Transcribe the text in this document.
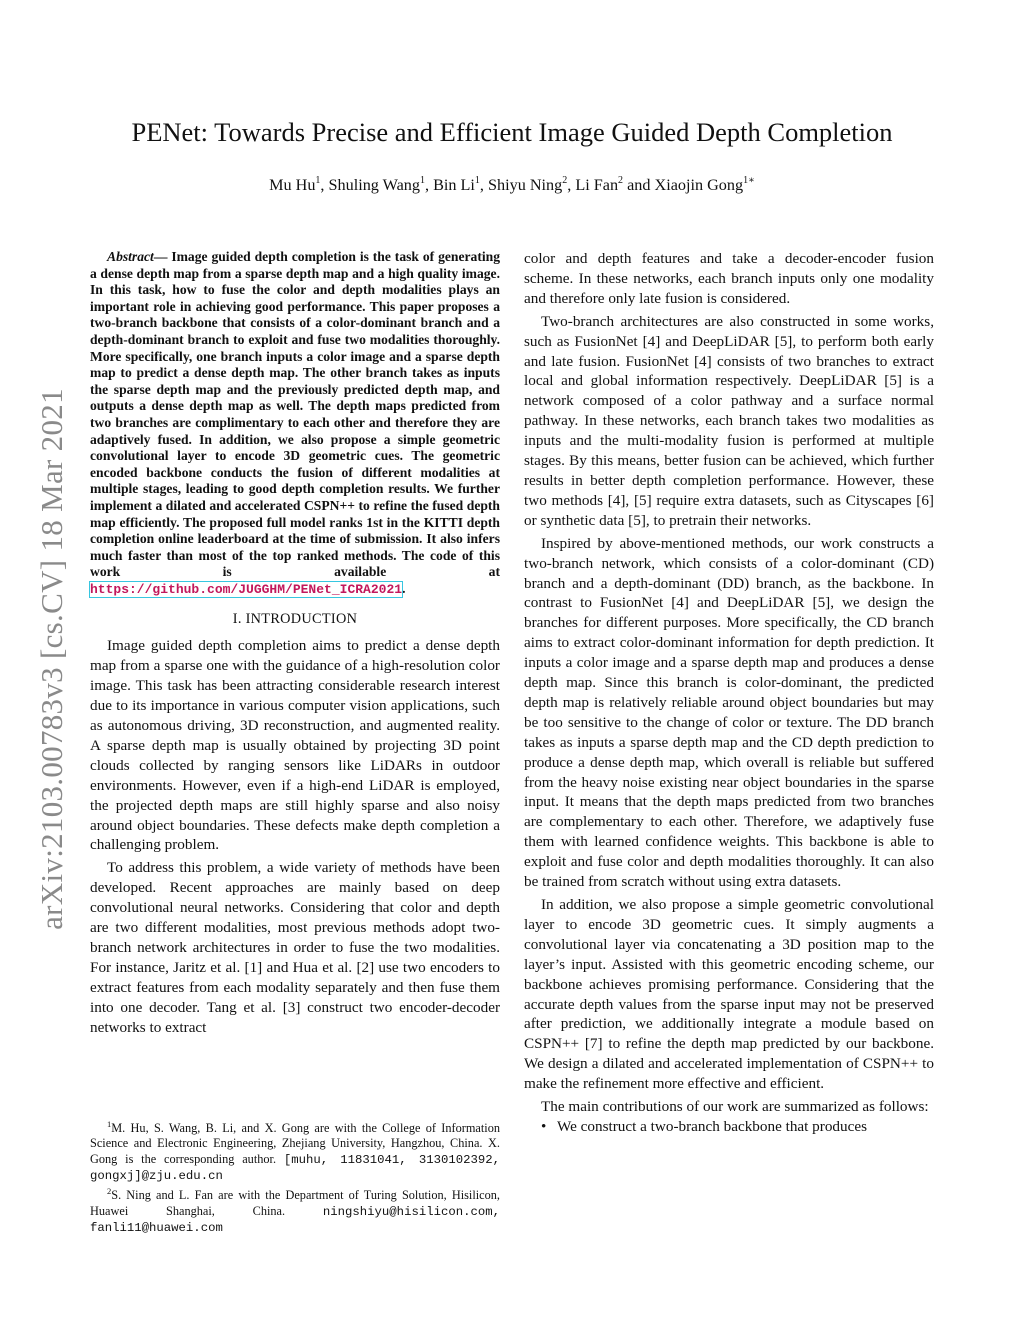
arXiv:2103.00783v3 [cs.CV] 18 Mar 2021
PENet: Towards Precise and Efficient Image Guided Depth Completion
Mu Hu$^1$, Shuling Wang$^1$, Bin Li$^1$, Shiyu Ning$^2$, Li Fan$^2$ and Xiaojin Gong$^{1∗}$

Abstract— Image guided depth completion is the task of generating a dense depth map from a sparse depth map and a high quality image. In this task, how to fuse the color and depth modalities plays an important role in achieving good performance. This paper proposes a two-branch backbone that consists of a color-dominant branch and a depth-dominant branch to exploit and fuse two modalities thoroughly. More specifically, one branch inputs a color image and a sparse depth map to predict a dense depth map. The other branch takes as inputs the sparse depth map and the previously predicted depth map, and outputs a dense depth map as well. The depth maps predicted from two branches are complimentary to each other and therefore they are adaptively fused. In addition, we also propose a simple geometric convolutional layer to encode 3D geometric cues. The geometric encoded backbone conducts the fusion of different modalities at multiple stages, leading to good depth completion results. We further implement a dilated and accelerated CSPN++ to refine the fused depth map efficiently. The proposed full model ranks 1st in the KITTI depth completion online leaderboard at the time of submission. It also infers much faster than most of the top ranked methods. The code of this work is available at https://github.com/JUGGHM/PENet_ICRA2021.

I. INTRODUCTION

Image guided depth completion aims to predict a dense depth map from a sparse one with the guidance of a high-resolution color image. This task has been attracting considerable research interest due to its importance in various computer vision applications, such as autonomous driving, 3D reconstruction, and augmented reality. A sparse depth map is usually obtained by projecting 3D point clouds collected by ranging sensors like LiDARs in outdoor environments. However, even if a high-end LiDAR is employed, the projected depth maps are still highly sparse and also noisy around object boundaries. These defects make depth completion a challenging problem.

To address this problem, a wide variety of methods have been developed. Recent approaches are mainly based on deep convolutional neural networks. Considering that color and depth are two different modalities, most previous methods adopt two-branch network architectures in order to fuse the two modalities. For instance, Jaritz et al. [1] and Hua et al. [2] use two encoders to extract features from each modality separately and then fuse them into one decoder. Tang et al. [3] construct two encoder-decoder networks to extract

$^1$M. Hu, S. Wang, B. Li, and X. Gong are with the College of Information Science and Electronic Engineering, Zhejiang University, Hangzhou, China. X. Gong is the corresponding author. [muhu, 11831041, 3130102392, gongxj]@zju.edu.cn

$^2$S. Ning and L. Fan are with the Department of Turing Solution, Hisilicon, Huawei Shanghai, China. ningshiyu@hisilicon.com, fanli11@huawei.com

color and depth features and take a decoder-encoder fusion scheme. In these networks, each branch inputs only one modality and therefore only late fusion is considered.

Two-branch architectures are also constructed in some works, such as FusionNet [4] and DeepLiDAR [5], to perform both early and late fusion. FusionNet [4] consists of two branches to extract local and global information respectively. DeepLiDAR [5] is a network composed of a color pathway and a surface normal pathway. In these networks, each branch takes two modalities as inputs and the multi-modality fusion is performed at multiple stages. By this means, better fusion can be achieved, which further results in better depth completion performance. However, these two methods [4], [5] require extra datasets, such as Cityscapes [6] or synthetic data [5], to pretrain their networks.

Inspired by above-mentioned methods, our work constructs a two-branch network, which consists of a color-dominant (CD) branch and a depth-dominant (DD) branch, as the backbone. In contrast to FusionNet [4] and DeepLiDAR [5], we design the branches for different purposes. More specifically, the CD branch aims to extract color-dominant information for depth prediction. It inputs a color image and a sparse depth map and produces a dense depth map. Since this branch is color-dominant, the predicted depth map is relatively reliable around object boundaries but may be too sensitive to the change of color or texture. The DD branch takes as inputs a sparse depth map and the CD depth prediction to produce a dense depth map, which overall is reliable but suffered from the heavy noise existing near object boundaries in the sparse input. It means that the depth maps predicted from two branches are complementary to each other. Therefore, we adaptively fuse them with learned confidence weights. This backbone is able to exploit and fuse color and depth modalities thoroughly. It can also be trained from scratch without using extra datasets.

In addition, we also propose a simple geometric convolutional layer to encode 3D geometric cues. It simply augments a convolutional layer via concatenating a 3D position map to the layer’s input. Assisted with this geometric encoding scheme, our backbone achieves promising performance. Considering that the accurate depth values from the sparse input may not be preserved after prediction, we additionally integrate a module based on CSPN++ [7] to refine the depth map predicted by our backbone. We design a dilated and accelerated implementation of CSPN++ to make the refinement more effective and efficient.

The main contributions of our work are summarized as follows:

• We construct a two-branch backbone that produces
